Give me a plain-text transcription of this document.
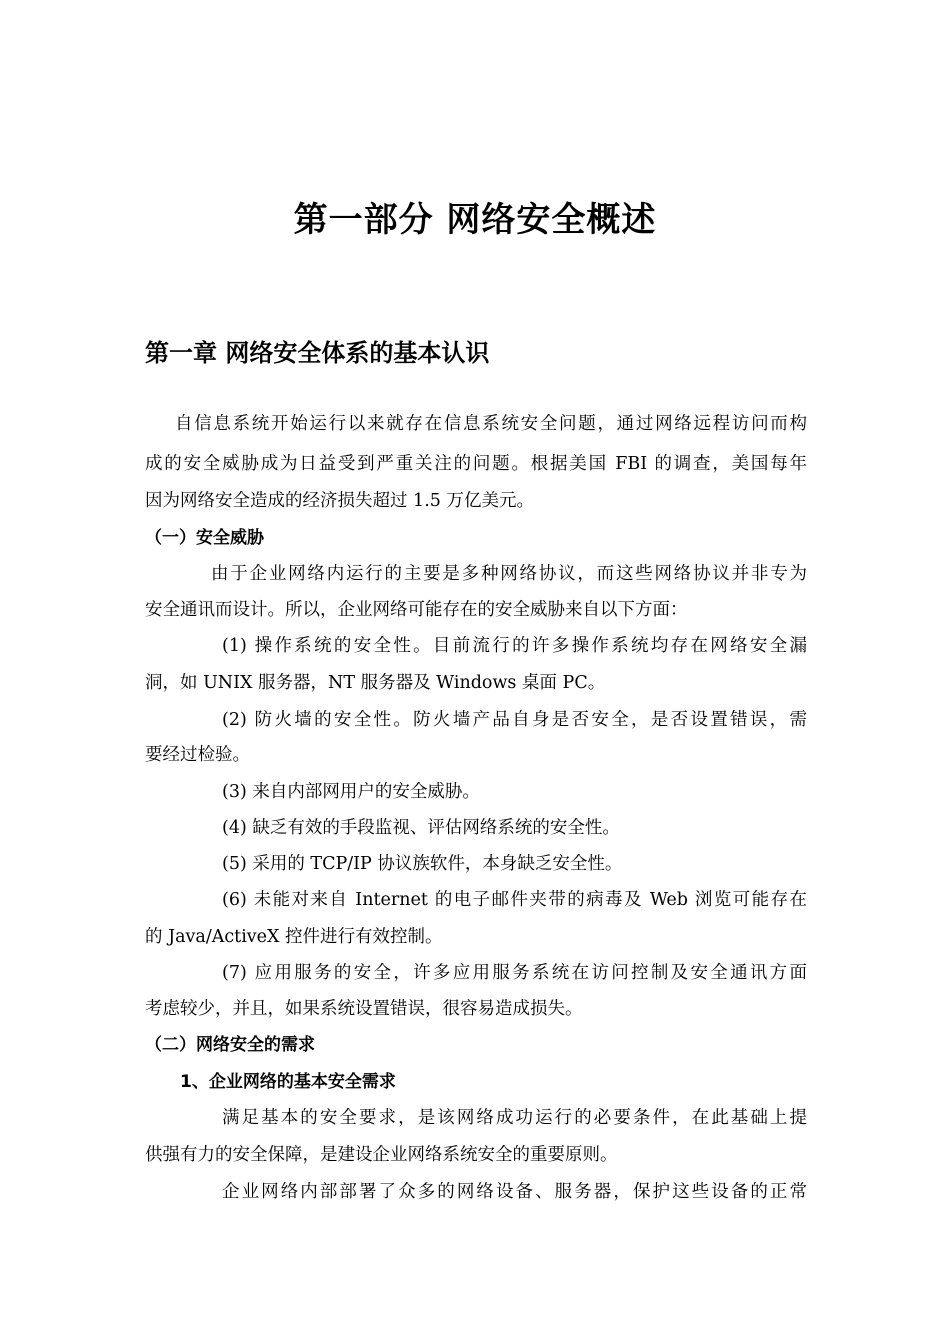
第一部分 网络安全概述
第一章 网络安全体系的基本认识
自信息系统开始运行以来就存在信息系统安全问题，通过网络远程访问而构
成的安全威胁成为日益受到严重关注的问题。根据美国 FBI 的调查，美国每年
因为网络安全造成的经济损失超过 1.5 万亿美元。
（一）安全威胁
由于企业网络内运行的主要是多种网络协议，而这些网络协议并非专为
安全通讯而设计。所以，企业网络可能存在的安全威胁来自以下方面：
(1) 操作系统的安全性。目前流行的许多操作系统均存在网络安全漏
洞，如 UNIX 服务器，NT 服务器及 Windows 桌面 PC。
(2) 防火墙的安全性。防火墙产品自身是否安全，是否设置错误，需
要经过检验。
(3) 来自内部网用户的安全威胁。
(4) 缺乏有效的手段监视、评估网络系统的安全性。
(5) 采用的 TCP/IP 协议族软件，本身缺乏安全性。
(6) 未能对来自 Internet 的电子邮件夹带的病毒及 Web 浏览可能存在
的 Java/ActiveX 控件进行有效控制。
(7) 应用服务的安全，许多应用服务系统在访问控制及安全通讯方面
考虑较少，并且，如果系统设置错误，很容易造成损失。
（二）网络安全的需求
1、企业网络的基本安全需求
满足基本的安全要求，是该网络成功运行的必要条件，在此基础上提
供强有力的安全保障，是建设企业网络系统安全的重要原则。
企业网络内部部署了众多的网络设备、服务器，保护这些设备的正常
